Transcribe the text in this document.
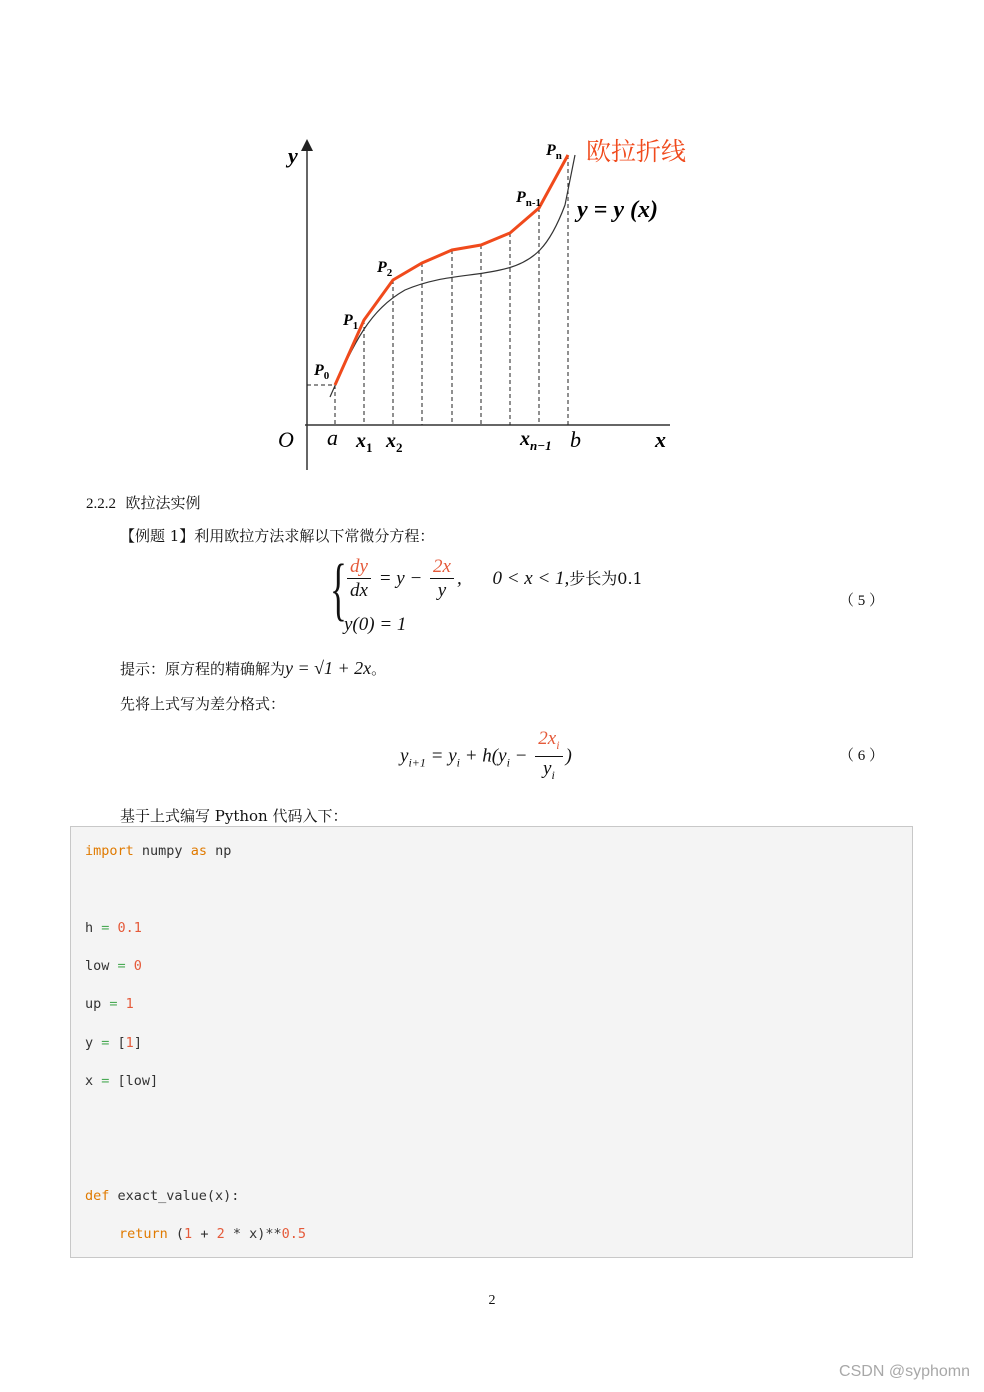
y
x
O a $x_1$ $x_2$	$x_{n-1}$ b
$P_0$
$P_1$
$P_2$
$P_{n-1}$
$P_n$ 欧拉折线
y = y (x)
2.2.2 欧拉法实例
【例题 1】利用欧拉方法求解以下常微分方程：
{ $\frac{dy}{dx} = y - \frac{2x}{y}$ , 0 < x < 1,步长为0.1
y(0) = 1
（ 5 ）
提示：原方程的精确解为y = √1 + 2x。
先将上式写为差分格式：
$y_{i+1} = y_i + h(y_i - \frac{2x_i}{y_i}$ )	（ 6 ）
基于上式编写 Python 代码入下：
import numpy as np
h = 0.1
low = 0
up = 1
y = [1]
x = [low]
def exact_value(x):
return (1 + 2 * x)**0.5
2
CSDN @syphomn
